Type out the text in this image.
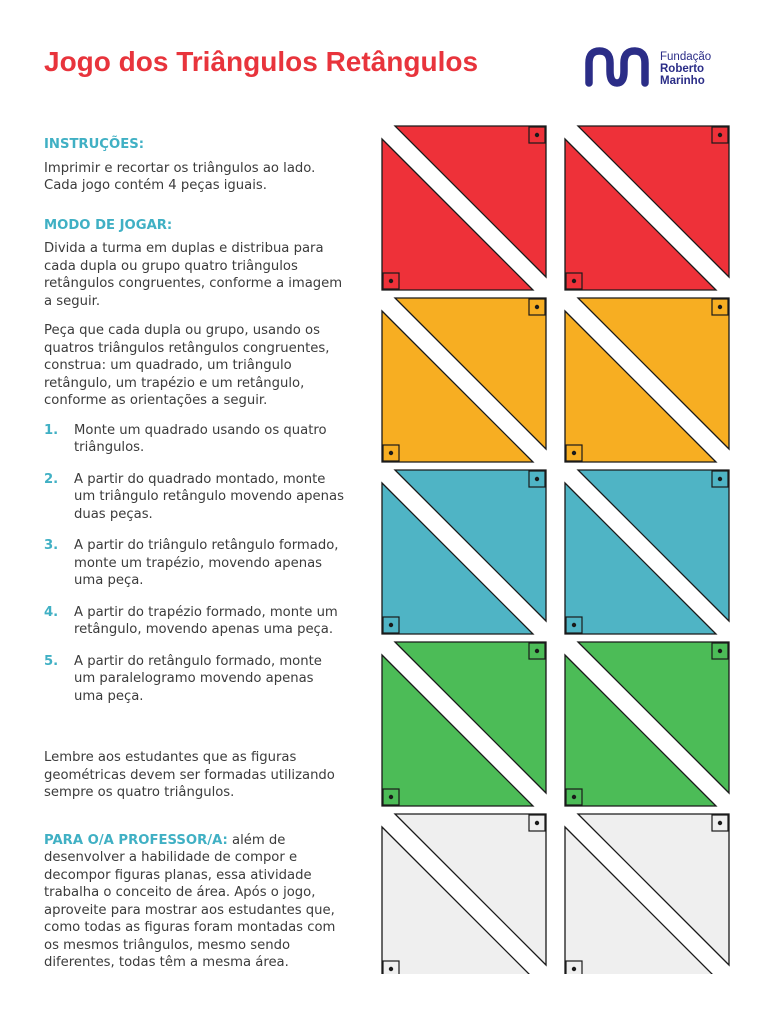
Jogo dos Triângulos Retângulos	Fundação
Roberto
Marinho

INSTRUÇÕES:

Imprimir e recortar os triângulos ao lado. Cada jogo contém 4 peças iguais.

MODO DE JOGAR:

Divida a turma em duplas e distribua para cada dupla ou grupo quatro triângulos retângulos congruentes, conforme a imagem a seguir.

Peça que cada dupla ou grupo, usando os quatros triângulos retângulos congruentes, construa: um quadrado, um triângulo retângulo, um trapézio e um retângulo, conforme as orientações a seguir.

1. Monte um quadrado usando os quatro triângulos.
2. A partir do quadrado montado, monte um triângulo retângulo movendo apenas duas peças.
3. A partir do triângulo retângulo formado, monte um trapézio, movendo apenas uma peça.
4. A partir do trapézio formado, monte um retângulo, movendo apenas uma peça.
5. A partir do retângulo formado, monte um paralelogramo movendo apenas uma peça.

Lembre aos estudantes que as figuras geométricas devem ser formadas utilizando sempre os quatro triângulos.

PARA O/A PROFESSOR/A: além de desenvolver a habilidade de compor e decompor figuras planas, essa atividade trabalha o conceito de área. Após o jogo, aproveite para mostrar aos estudantes que, como todas as figuras foram montadas com os mesmos triângulos, mesmo sendo diferentes, todas têm a mesma área.
